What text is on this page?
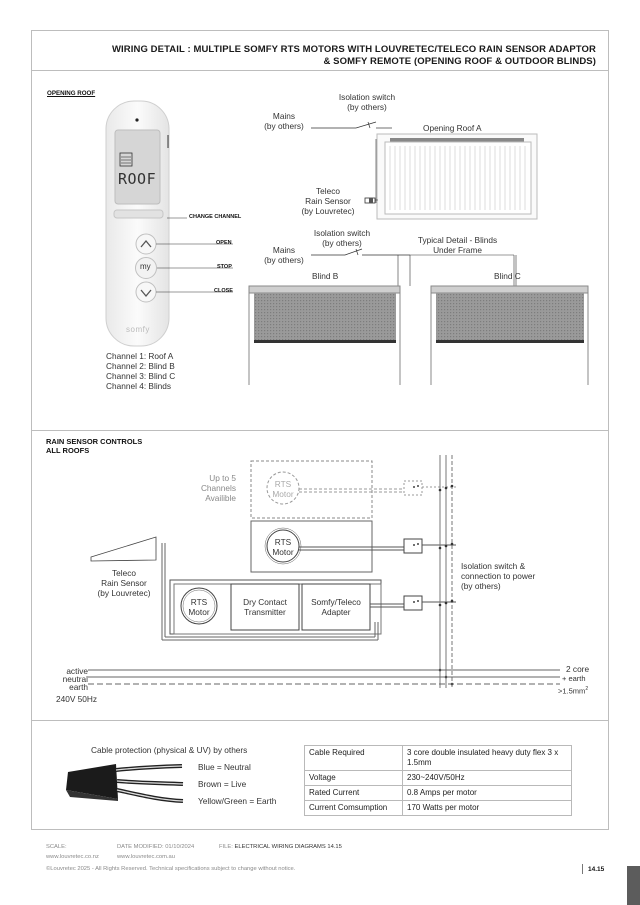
WIRING DETAIL : MULTIPLE SOMFY RTS MOTORS WITH LOUVRETEC/TELECO RAIN SENSOR ADAPTOR
& SOMFY REMOTE (OPENING ROOF & OUTDOOR BLINDS)
OPENING ROOF
ROOF
my
somfy
CHANGE CHANNEL
OPEN
STOP
CLOSE
Channel 1: Roof A
Channel 2: Blind B
Channel 3: Blind C
Channel 4: Blinds
Isolation switch
(by others)
Mains
(by others)	Opening Roof A
Teleco
Rain Sensor
(by Louvretec)
Isolation switch
(by others)
Mains
(by others)
Typical Detail - Blinds
Under Frame
Blind B	Blind C
RAIN SENSOR CONTROLS
ALL ROOFS
Up to 5
Channels
Availible
RTS
Motor
RTS
Motor
RTS
Motor
Dry Contact
Transmitter
Somfy/Teleco
Adapter
Teleco
Rain Sensor
(by Louvretec)
Isolation switch &
connection to power
(by others)
active
neutral
earth
240V 50Hz
2 core
+ earth
$>1.5mm^2$
Cable protection (physical & UV) by others
Blue = Neutral
Brown = Live
Yellow/Green = Earth
Cable Required	3 core double insulated heavy duty flex 3 x 1.5mm
Voltage	230~240V/50Hz
Rated Current	0.8 Amps per motor
Current Comsumption	170 Watts per motor
SCALE:	DATE MODIFIED: 01/10/2024	FILE: ELECTRICAL WIRING DIAGRAMS 14.15
www.louvretec.co.nz	www.louvretec.com.au
©Louvretec 2025 - All Rights Reserved. Technical specifications subject to change without notice.	14.15
